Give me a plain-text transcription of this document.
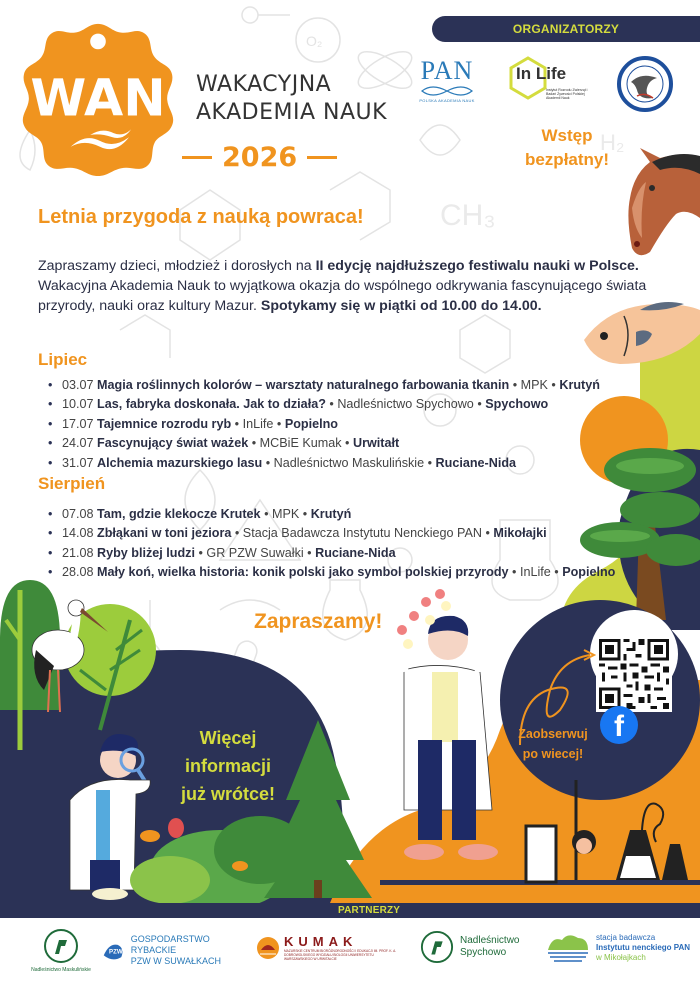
O₂
H₂
CH₃
ORGANIZATORZY
WAN WAKACYJNA
AKADEMIA NAUK
2026
PAN
POLSKA AKADEMIA NAUK
In Life
Instytut Rozrodu Zwierząt i Badań Żywności Polskiej Akademii Nauk
Wstęp
bezpłatny!
Letnia przygoda z nauką powraca!
Zapraszamy dzieci, młodzież i dorosłych na II edycję najdłuższego festiwalu nauki w Polsce.
Wakacyjna Akademia Nauk to wyjątkowa okazja do wspólnego odkrywania fascynującego świata przyrody, nauki oraz kultury Mazur. Spotykamy się w piątki od 10.00 do 14.00.
Lipiec
• 03.07 Magia roślinnych kolorów – warsztaty naturalnego farbowania tkanin • MPK • Krutyń
• 10.07 Las, fabryka doskonała. Jak to działa? • Nadleśnictwo Spychowo • Spychowo
• 17.07 Tajemnice rozrodu ryb • InLife • Popielno
• 24.07 Fascynujący świat ważek • MCBiE Kumak • Urwitałt
• 31.07 Alchemia mazurskiego lasu • Nadleśnictwo Maskulińskie • Ruciane-Nida
Sierpień
• 07.08 Tam, gdzie klekocze Krutek • MPK • Krutyń
• 14.08 Zbłąkani w toni jeziora • Stacja Badawcza Instytutu Nenckiego PAN • Mikołajki
• 21.08 Ryby bliżej ludzi • GR PZW Suwałki • Ruciane-Nida
• 28.08 Mały koń, wielka historia: konik polski jako symbol polskiej przyrody • InLife • Popielno
Zapraszamy!
Więcej
informacji
już wrótce!
Zaobserwuj
po wiecej!
f
PARTNERZY
Nadleśnictwo Maskulińskie
PZW
GOSPODARSTWO RYBACKIE
PZW W SUWAŁKACH
KUMAK
MAZURSKIE CENTRUM BIORÓŻNORODNOŚCI I EDUKACJI IM. PROF. K. A. DOBROWOLSKIEGO WYDZIAŁU BIOLOGII UNIWERSYTETU WARSZAWSKIEGO W URWITAŁCIE
Nadleśnictwo
Spychowo
stacja badawcza
Instytutu nenckiego PAN
w Mikołajkach
